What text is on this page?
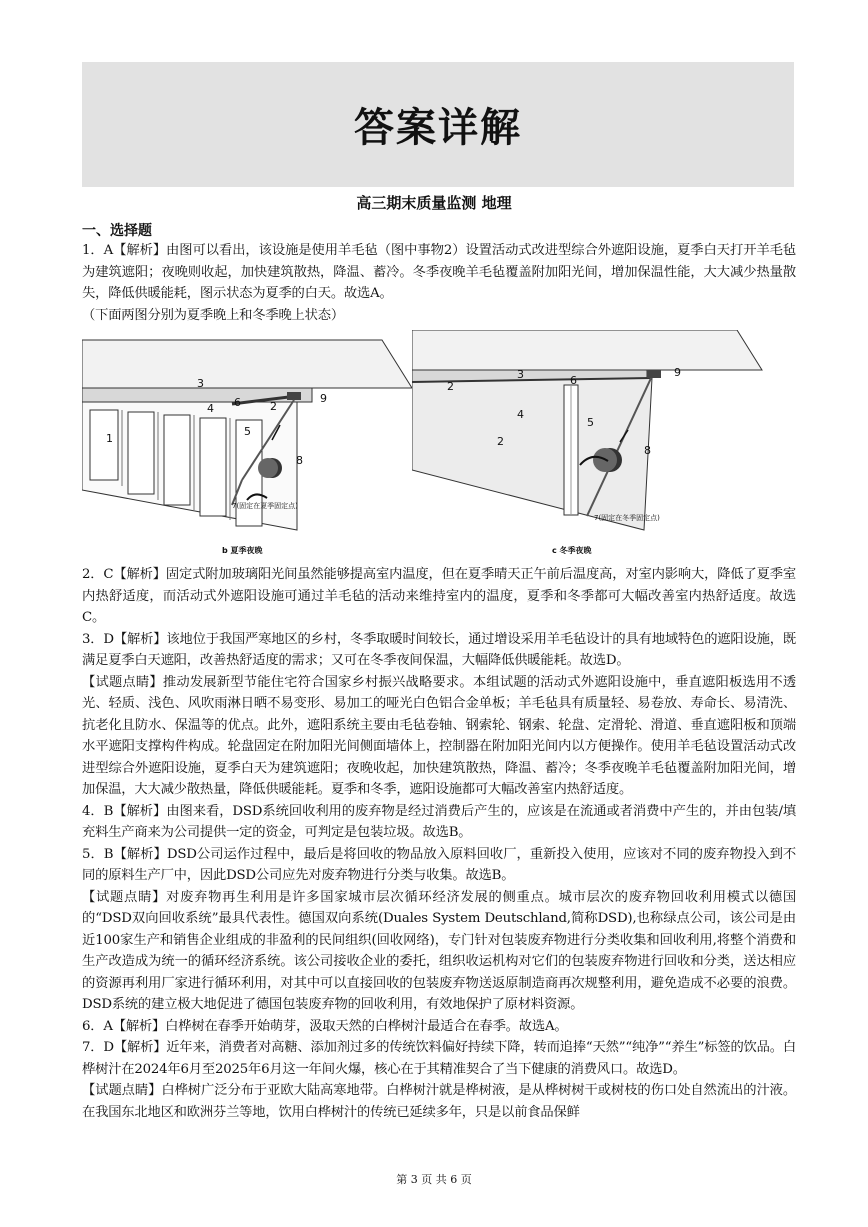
答案详解
高三期末质量监测 地理
一、选择题

1．A【解析】由图可以看出，该设施是使用羊毛毡（图中事物2）设置活动式改进型综合外遮阳设施，夏季白天打开羊毛毡为建筑遮阳；夜晚则收起，加快建筑散热，降温、蓄冷。冬季夜晚羊毛毡覆盖附加阳光间，增加保温性能，大大减少热量散失，降低供暖能耗，图示状态为夏季的白天。故选A。

（下面两图分别为夏季晚上和冬季晚上状态）

1
2
3
4
5
6
8
9
7(固定在夏季固定点)
b 夏季夜晚
2
2
3
4
5
6
8
9
7(固定在冬季固定点)
c 冬季夜晚

2．C【解析】固定式附加玻璃阳光间虽然能够提高室内温度，但在夏季晴天正午前后温度高，对室内影响大，降低了夏季室内热舒适度，而活动式外遮阳设施可通过羊毛毡的活动来维持室内的温度，夏季和冬季都可大幅改善室内热舒适度。故选C。

3．D【解析】该地位于我国严寒地区的乡村，冬季取暖时间较长，通过增设采用羊毛毡设计的具有地域特色的遮阳设施，既满足夏季白天遮阳，改善热舒适度的需求；又可在冬季夜间保温，大幅降低供暖能耗。故选D。

【试题点睛】推动发展新型节能住宅符合国家乡村振兴战略要求。本组试题的活动式外遮阳设施中，垂直遮阳板选用不透光、轻质、浅色、风吹雨淋日晒不易变形、易加工的哑光白色铝合金单板；羊毛毡具有质量轻、易卷放、寿命长、易清洗、抗老化且防水、保温等的优点。此外，遮阳系统主要由毛毡卷轴、钢索轮、钢索、轮盘、定滑轮、滑道、垂直遮阳板和顶端水平遮阳支撑构件构成。轮盘固定在附加阳光间侧面墙体上，控制器在附加阳光间内以方便操作。使用羊毛毡设置活动式改进型综合外遮阳设施，夏季白天为建筑遮阳；夜晚收起，加快建筑散热，降温、蓄冷；冬季夜晚羊毛毡覆盖附加阳光间，增加保温，大大减少散热量，降低供暖能耗。夏季和冬季，遮阳设施都可大幅改善室内热舒适度。

4．B【解析】由图来看，DSD系统回收利用的废弃物是经过消费后产生的，应该是在流通或者消费中产生的，并由包装/填充料生产商来为公司提供一定的资金，可判定是包装垃圾。故选B。

5．B【解析】DSD公司运作过程中，最后是将回收的物品放入原料回收厂，重新投入使用，应该对不同的废弃物投入到不同的原料生产厂中，因此DSD公司应先对废弃物进行分类与收集。故选B。

【试题点睛】对废弃物再生利用是许多国家城市层次循环经济发展的侧重点。城市层次的废弃物回收利用模式以德国的“DSD双向回收系统”最具代表性。德国双向系统(Duales System Deutschland,简称DSD),也称绿点公司，该公司是由近100家生产和销售企业组成的非盈利的民间组织(回收网络)，专门针对包装废弃物进行分类收集和回收利用,将整个消费和生产改造成为统一的循环经济系统。该公司接收企业的委托，组织收运机构对它们的包装废弃物进行回收和分类，送达相应的资源再利用厂家进行循环利用，对其中可以直接回收的包装废弃物送返原制造商再次规整利用，避免造成不必要的浪费。DSD系统的建立极大地促进了德国包装废弃物的回收利用，有效地保护了原材料资源。

6．A【解析】白桦树在春季开始萌芽，汲取天然的白桦树汁最适合在春季。故选A。

7．D【解析】近年来，消费者对高糖、添加剂过多的传统饮料偏好持续下降，转而追捧“天然”“纯净”“养生”标签的饮品。白桦树汁在2024年6月至2025年6月这一年间火爆，核心在于其精准契合了当下健康的消费风口。故选D。

【试题点睛】白桦树广泛分布于亚欧大陆高寒地带。白桦树汁就是桦树液，是从桦树树干或树枝的伤口处自然流出的汁液。在我国东北地区和欧洲芬兰等地，饮用白桦树汁的传统已延续多年，只是以前食品保鲜

第 3 页 共 6 页
